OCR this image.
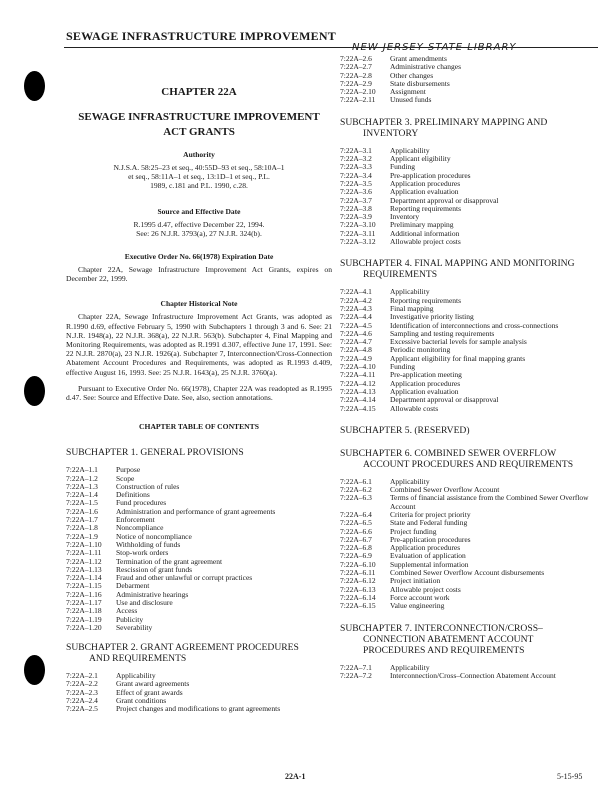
SEWAGE INFRASTRUCTURE IMPROVEMENT
CHAPTER 22A
SEWAGE INFRASTRUCTURE IMPROVEMENT
ACT GRANTS
Authority
N.J.S.A. 58:25–23 et seq., 40:55D–93 et seq., 58:10A–1
et seq., 58:11A–1 et seq., 13:1D–1 et seq., P.L.
1989, c.181 and P.L. 1990, c.28.
Source and Effective Date
R.1995 d.47, effective December 22, 1994.
See: 26 N.J.R. 3793(a), 27 N.J.R. 324(b).
Executive Order No. 66(1978) Expiration Date
Chapter 22A, Sewage Infrastructure Improvement Act Grants, expires on December 22, 1999.
Chapter Historical Note
Chapter 22A, Sewage Infrastructure Improvement Act Grants, was adopted as R.1990 d.69, effective February 5, 1990 with Subchapters 1 through 3 and 6. See: 21 N.J.R. 1948(a), 22 N.J.R. 368(a), 22 N.J.R. 563(b). Subchapter 4, Final Mapping and Monitoring Requirements, was adopted as R.1991 d.307, effective June 17, 1991. See: 22 N.J.R. 2870(a), 23 N.J.R. 1926(a). Subchapter 7, Interconnection/Cross-Connection Abatement Account Procedures and Requirements, was adopted as R.1993 d.409, effective August 16, 1993. See: 25 N.J.R. 1643(a), 25 N.J.R. 3760(a).
Pursuant to Executive Order No. 66(1978), Chapter 22A was readopted as R.1995 d.47. See: Source and Effective Date. See, also, section annotations.
CHAPTER TABLE OF CONTENTS
SUBCHAPTER 1. GENERAL PROVISIONS
7:22A–1.1	Purpose
7:22A–1.2	Scope
7:22A–1.3	Construction of rules
7:22A–1.4	Definitions
7:22A–1.5	Fund procedures
7:22A–1.6	Administration and performance of grant agreements
7:22A–1.7	Enforcement
7:22A–1.8	Noncompliance
7:22A–1.9	Notice of noncompliance
7:22A–1.10	Withholding of funds
7:22A–1.11	Stop-work orders
7:22A–1.12	Termination of the grant agreement
7:22A–1.13	Rescission of grant funds
7:22A–1.14	Fraud and other unlawful or corrupt practices
7:22A–1.15	Debarment
7:22A–1.16	Administrative hearings
7:22A–1.17	Use and disclosure
7:22A–1.18	Access
7:22A–1.19	Publicity
7:22A–1.20	Severability
SUBCHAPTER 2. GRANT AGREEMENT PROCEDURES
AND REQUIREMENTS
7:22A–2.1	Applicability
7:22A–2.2	Grant award agreements
7:22A–2.3	Effect of grant awards
7:22A–2.4	Grant conditions
7:22A–2.5	Project changes and modifications to grant agreements
NEW JERSEY STATE LIBRARY
7:22A–2.6	Grant amendments
7:22A–2.7	Administrative changes
7:22A–2.8	Other changes
7:22A–2.9	State disbursements
7:22A–2.10	Assignment
7:22A–2.11	Unused funds
SUBCHAPTER 3. PRELIMINARY MAPPING AND
INVENTORY
7:22A–3.1	Applicability
7:22A–3.2	Applicant eligibility
7:22A–3.3	Funding
7:22A–3.4	Pre-application procedures
7:22A–3.5	Application procedures
7:22A–3.6	Application evaluation
7:22A–3.7	Department approval or disapproval
7:22A–3.8	Reporting requirements
7:22A–3.9	Inventory
7:22A–3.10	Preliminary mapping
7:22A–3.11	Additional information
7:22A–3.12	Allowable project costs
SUBCHAPTER 4. FINAL MAPPING AND MONITORING
REQUIREMENTS
7:22A–4.1	Applicability
7:22A–4.2	Reporting requirements
7:22A–4.3	Final mapping
7:22A–4.4	Investigative priority listing
7:22A–4.5	Identification of interconnections and cross-connections
7:22A–4.6	Sampling and testing requirements
7:22A–4.7	Excessive bacterial levels for sample analysis
7:22A–4.8	Periodic monitoring
7:22A–4.9	Applicant eligibility for final mapping grants
7:22A–4.10	Funding
7:22A–4.11	Pre-application meeting
7:22A–4.12	Application procedures
7:22A–4.13	Application evaluation
7:22A–4.14	Department approval or disapproval
7:22A–4.15	Allowable costs
SUBCHAPTER 5. (RESERVED)
SUBCHAPTER 6. COMBINED SEWER OVERFLOW
ACCOUNT PROCEDURES AND REQUIREMENTS
7:22A–6.1	Applicability
7:22A–6.2	Combined Sewer Overflow Account
7:22A–6.3	Terms of financial assistance from the Combined Sewer Overflow Account
7:22A–6.4	Criteria for project priority
7:22A–6.5	State and Federal funding
7:22A–6.6	Project funding
7:22A–6.7	Pre-application procedures
7:22A–6.8	Application procedures
7:22A–6.9	Evaluation of application
7:22A–6.10	Supplemental information
7:22A–6.11	Combined Sewer Overflow Account disbursements
7:22A–6.12	Project initiation
7:22A–6.13	Allowable project costs
7:22A–6.14	Force account work
7:22A–6.15	Value engineering
SUBCHAPTER 7. INTERCONNECTION/CROSS–
CONNECTION ABATEMENT ACCOUNT
PROCEDURES AND REQUIREMENTS
7:22A–7.1	Applicability
7:22A–7.2	Interconnection/Cross–Connection Abatement Account
22A-1	5-15-95
